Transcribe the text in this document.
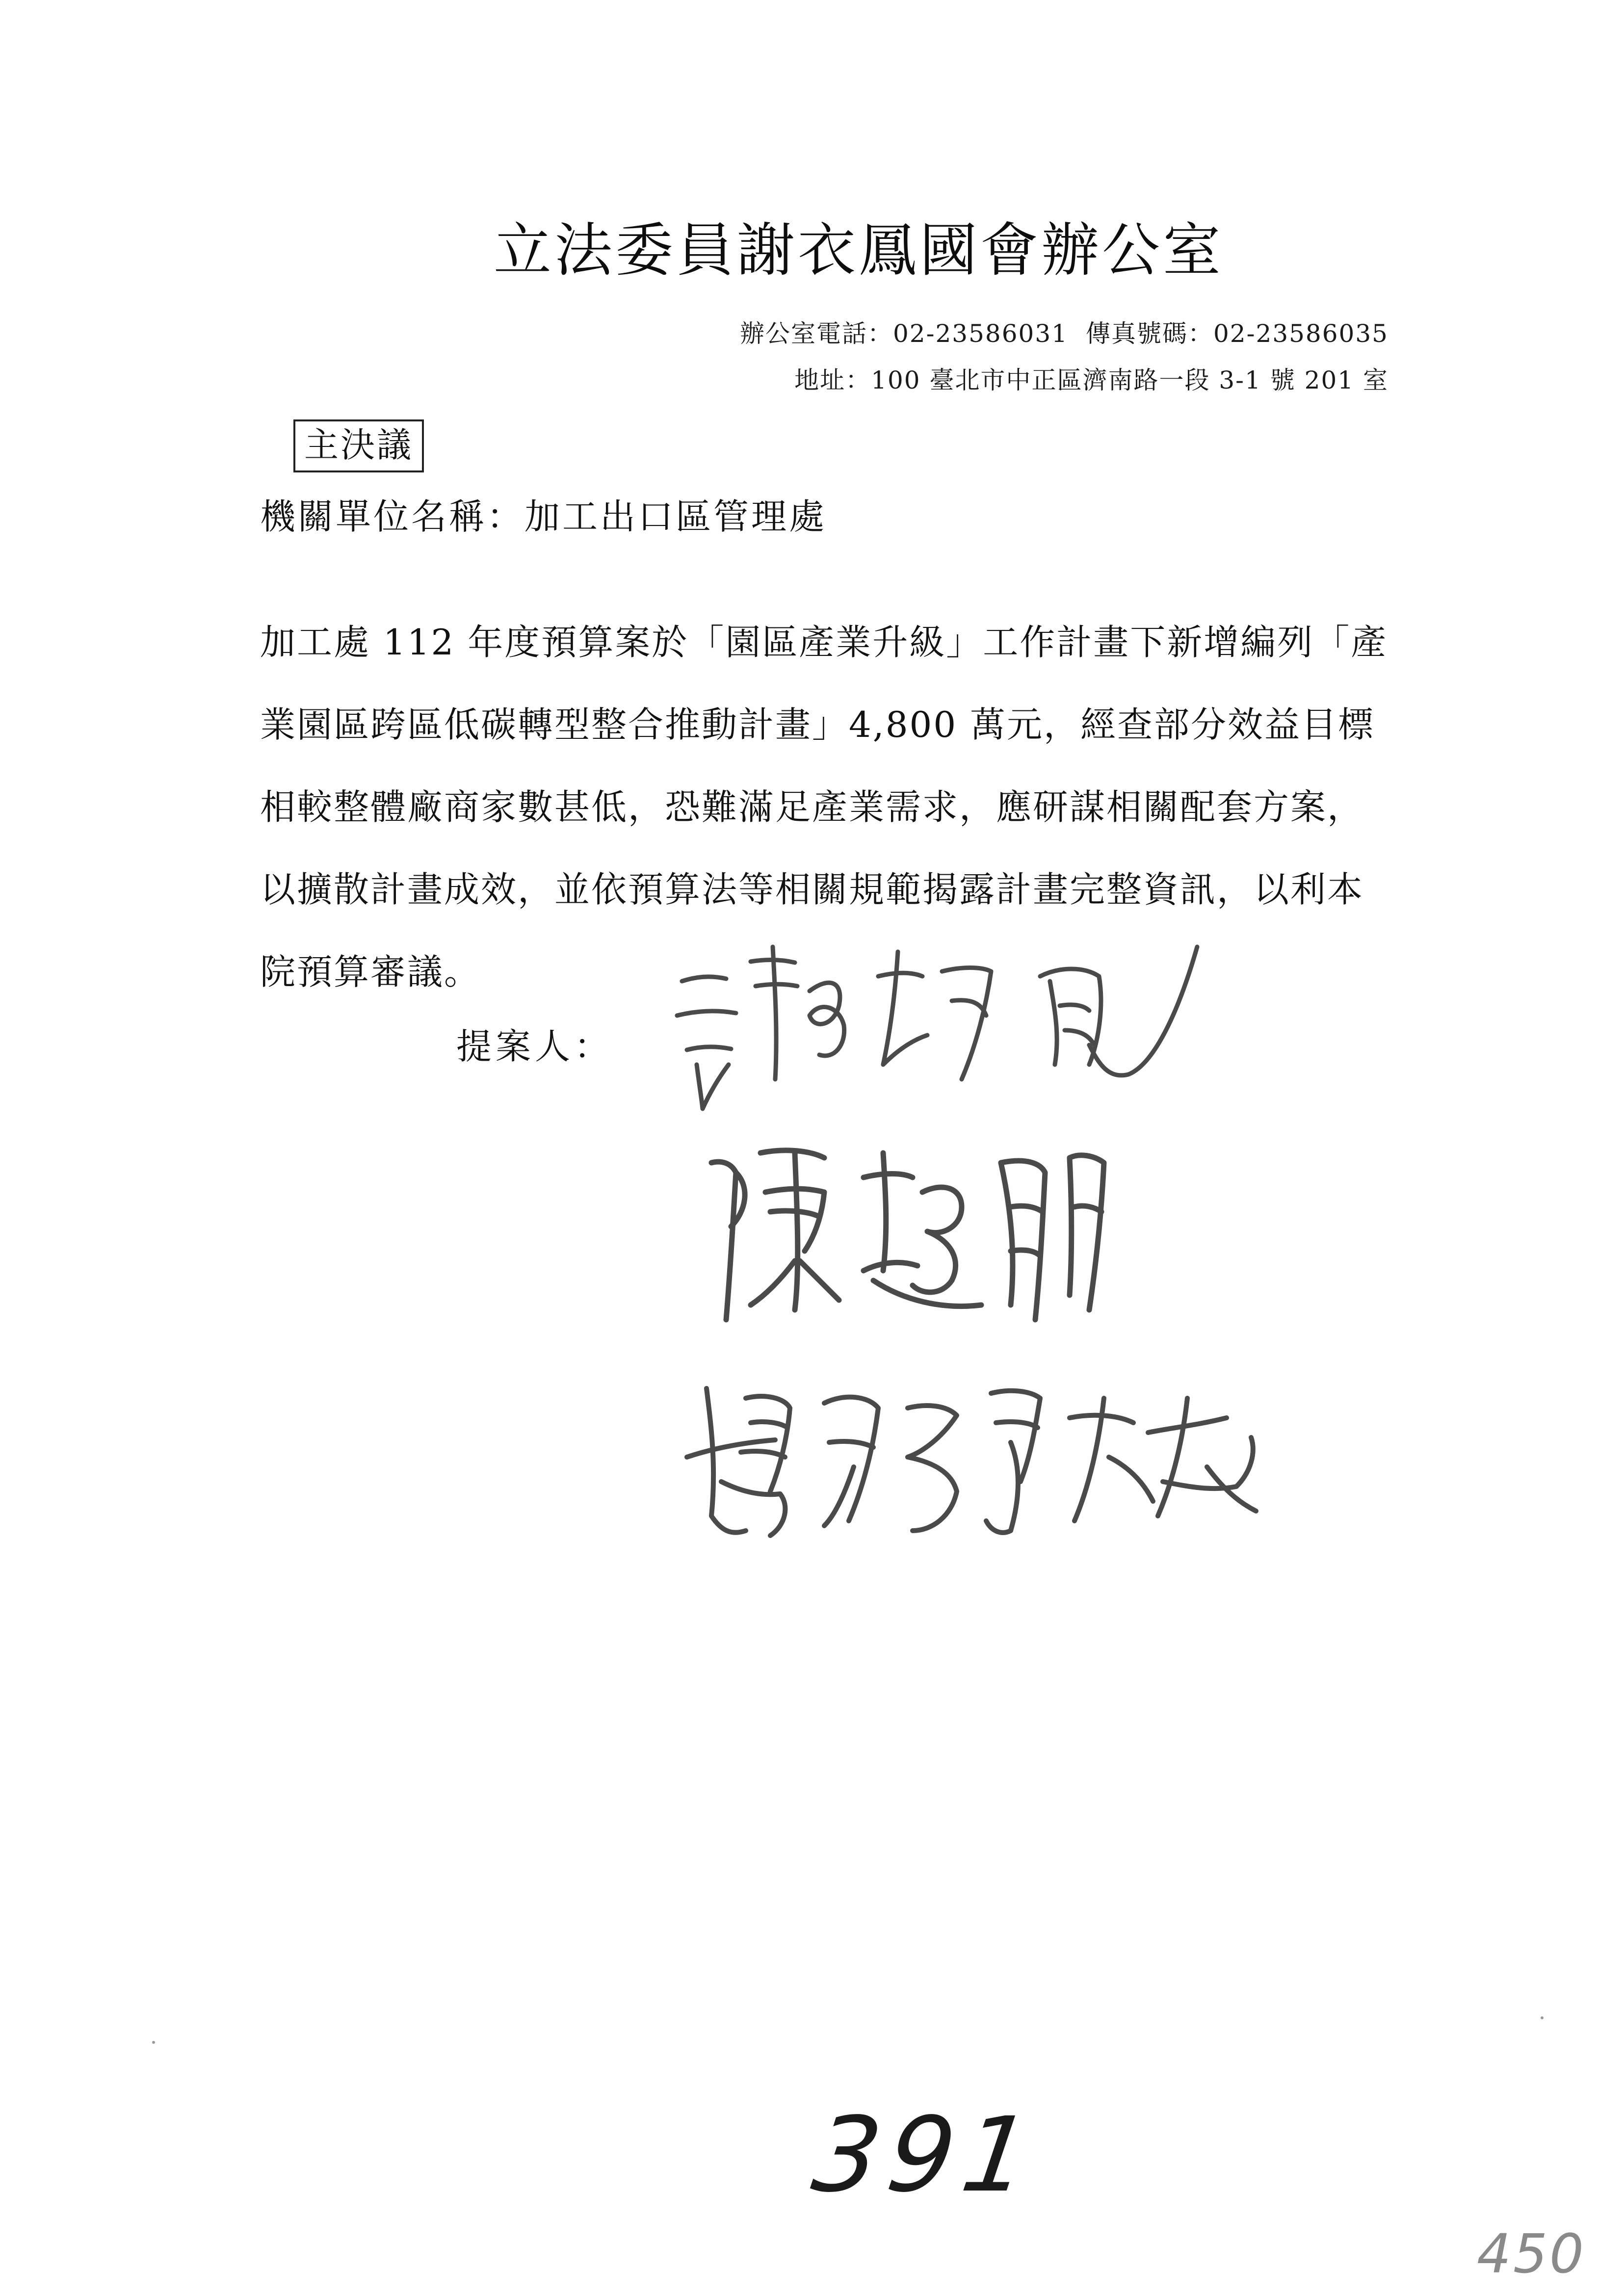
立法委員謝衣鳳國會辦公室
辦公室電話：02-23586031 傳真號碼：02-23586035
地址：100 臺北市中正區濟南路一段 3-1 號 201 室
主決議
機關單位名稱：加工出口區管理處
加工處 112 年度預算案於「園區產業升級」工作計畫下新增編列「產
業園區跨區低碳轉型整合推動計畫」4,800 萬元，經查部分效益目標
相較整體廠商家數甚低，恐難滿足產業需求，應研謀相關配套方案，
以擴散計畫成效，並依預算法等相關規範揭露計畫完整資訊，以利本
院預算審議。
提案人：
391
450
